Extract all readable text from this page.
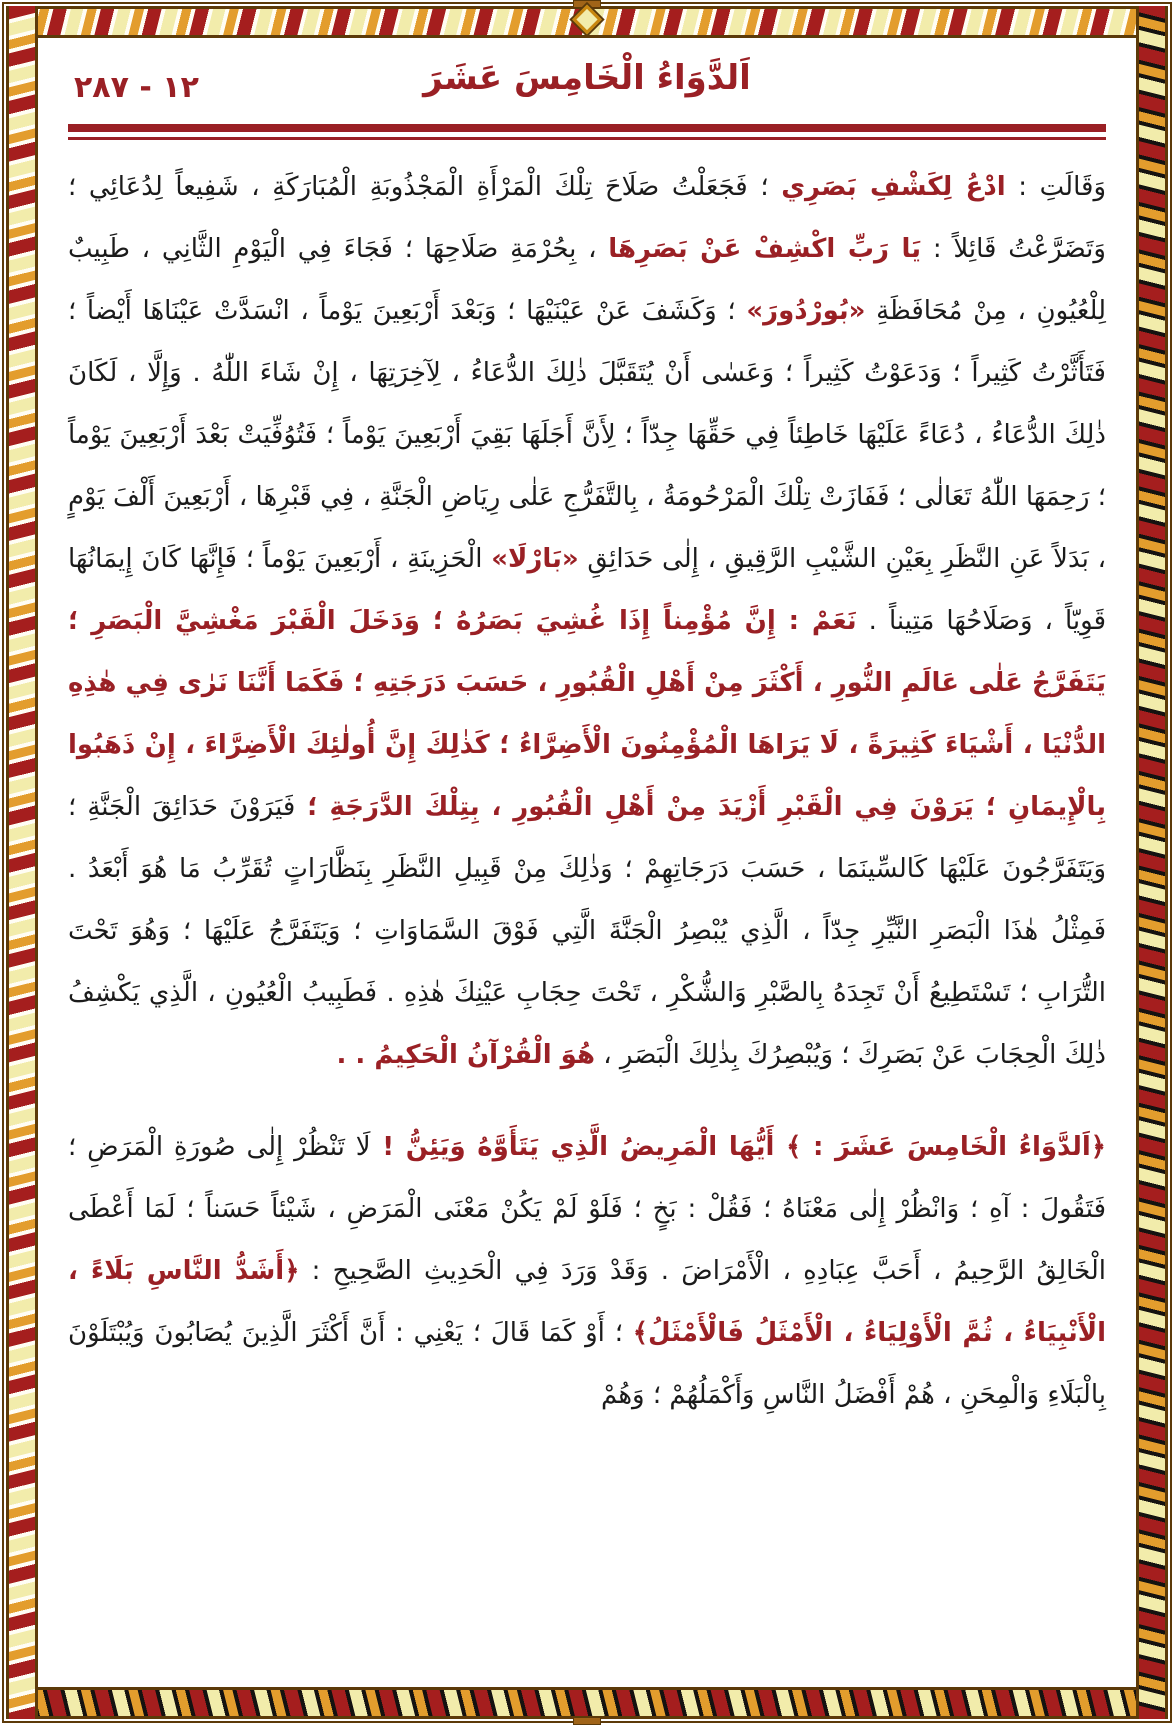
١٢ - ٢٨٧	اَلدَّوَاءُ الْخَامِسَ عَشَرَ

وَقَالَتِ : ادْعُ لِكَشْفِ بَصَرِي ؛ فَجَعَلْتُ صَلَاحَ تِلْكَ الْمَرْأَةِ الْمَجْذُوبَةِ الْمُبَارَكَةِ ، شَفِيعاً لِدُعَائِي ؛ وَتَضَرَّعْتُ قَائِلاً : يَا رَبِّ اكْشِفْ عَنْ بَصَرِهَا ، بِحُرْمَةِ صَلَاحِهَا ؛ فَجَاءَ فِي الْيَوْمِ الثَّانِي ، طَبِيبٌ لِلْعُيُونِ ، مِنْ مُحَافَظَةِ «بُورْدُورَ» ؛ وَكَشَفَ عَنْ عَيْنَيْهَا ؛ وَبَعْدَ أَرْبَعِينَ يَوْماً ، انْسَدَّتْ عَيْنَاهَا أَيْضاً ؛ فَتَأَثَّرْتُ كَثِيراً ؛ وَدَعَوْتُ كَثِيراً ؛ وَعَسٰى أَنْ يُتَقَبَّلَ ذٰلِكَ الدُّعَاءُ ، لِآخِرَتِهَا ، إِنْ شَاءَ اللّٰهُ . وَإِلَّا ، لَكَانَ ذٰلِكَ الدُّعَاءُ ، دُعَاءً عَلَيْهَا خَاطِئاً فِي حَقِّهَا جِدّاً ؛ لِأَنَّ أَجَلَهَا بَقِيَ أَرْبَعِينَ يَوْماً ؛ فَتُوُفِّيَتْ بَعْدَ أَرْبَعِينَ يَوْماً ؛ رَحِمَهَا اللّٰهُ تَعَالٰى ؛ فَفَازَتْ تِلْكَ الْمَرْحُومَةُ ، بِالتَّفَرُّجِ عَلٰى رِيَاضِ الْجَنَّةِ ، فِي قَبْرِهَا ، أَرْبَعِينَ أَلْفَ يَوْمٍ ، بَدَلاً عَنِ النَّظَرِ بِعَيْنِ الشَّيْبِ الرَّقِيقِ ، إِلٰى حَدَائِقِ «بَارْلَا» الْحَزِينَةِ ، أَرْبَعِينَ يَوْماً ؛ فَإِنَّهَا كَانَ إِيمَانُهَا قَوِيّاً ، وَصَلَاحُهَا مَتِيناً . نَعَمْ : إِنَّ مُؤْمِناً إِذَا غُشِيَ بَصَرُهُ ؛ وَدَخَلَ الْقَبْرَ مَغْشِيَّ الْبَصَرِ ؛ يَتَفَرَّجُ عَلٰى عَالَمِ النُّورِ ، أَكْثَرَ مِنْ أَهْلِ الْقُبُورِ ، حَسَبَ دَرَجَتِهِ ؛ فَكَمَا أَنَّنَا نَرٰى فِي هٰذِهِ الدُّنْيَا ، أَشْيَاءَ كَثِيرَةً ، لَا يَرَاهَا الْمُؤْمِنُونَ الْأَضِرَّاءُ ؛ كَذٰلِكَ إِنَّ أُولٰئِكَ الْأَضِرَّاءَ ، إِنْ ذَهَبُوا بِالْإِيمَانِ ؛ يَرَوْنَ فِي الْقَبْرِ أَزْيَدَ مِنْ أَهْلِ الْقُبُورِ ، بِتِلْكَ الدَّرَجَةِ ؛ فَيَرَوْنَ حَدَائِقَ الْجَنَّةِ ؛ وَيَتَفَرَّجُونَ عَلَيْهَا كَالسِّينَمَا ، حَسَبَ دَرَجَاتِهِمْ ؛ وَذٰلِكَ مِنْ قَبِيلِ النَّظَرِ بِنَظَّارَاتٍ تُقَرِّبُ مَا هُوَ أَبْعَدُ . فَمِثْلُ هٰذَا الْبَصَرِ النَّيِّرِ جِدّاً ، الَّذِي يُبْصِرُ الْجَنَّةَ الَّتِي فَوْقَ السَّمَاوَاتِ ؛ وَيَتَفَرَّجُ عَلَيْهَا ؛ وَهُوَ تَحْتَ التُّرَابِ ؛ تَسْتَطِيعُ أَنْ تَجِدَهُ بِالصَّبْرِ وَالشُّكْرِ ، تَحْتَ حِجَابِ عَيْنِكَ هٰذِهِ . فَطَبِيبُ الْعُيُونِ ، الَّذِي يَكْشِفُ ذٰلِكَ الْحِجَابَ عَنْ بَصَرِكَ ؛ وَيُبْصِرُكَ بِذٰلِكَ الْبَصَرِ ، هُوَ الْقُرْآنُ الْحَكِيمُ . .

﴿اَلدَّوَاءُ الْخَامِسَ عَشَرَ : ﴾ أَيُّهَا الْمَرِيضُ الَّذِي يَتَأَوَّهُ وَيَئِنُّ ! لَا تَنْظُرْ إِلٰى صُورَةِ الْمَرَضِ ؛ فَتَقُولَ : آهِ ؛ وَانْظُرْ إِلٰى مَعْنَاهُ ؛ فَقُلْ : بَخٍ ؛ فَلَوْ لَمْ يَكُنْ مَعْنَى الْمَرَضِ ، شَيْئاً حَسَناً ؛ لَمَا أَعْطَى الْخَالِقُ الرَّحِيمُ ، أَحَبَّ عِبَادِهِ ، الْأَمْرَاضَ . وَقَدْ وَرَدَ فِي الْحَدِيثِ الصَّحِيحِ : ﴿أَشَدُّ النَّاسِ بَلَاءً ، الْأَنْبِيَاءُ ، ثُمَّ الْأَوْلِيَاءُ ، الْأَمْثَلُ فَالْأَمْثَلُ﴾ ؛ أَوْ كَمَا قَالَ ؛ يَعْنِي : أَنَّ أَكْثَرَ الَّذِينَ يُصَابُونَ وَيُبْتَلَوْنَ بِالْبَلَاءِ وَالْمِحَنِ ، هُمْ أَفْضَلُ النَّاسِ وَأَكْمَلُهُمْ ؛ وَهُمْ
